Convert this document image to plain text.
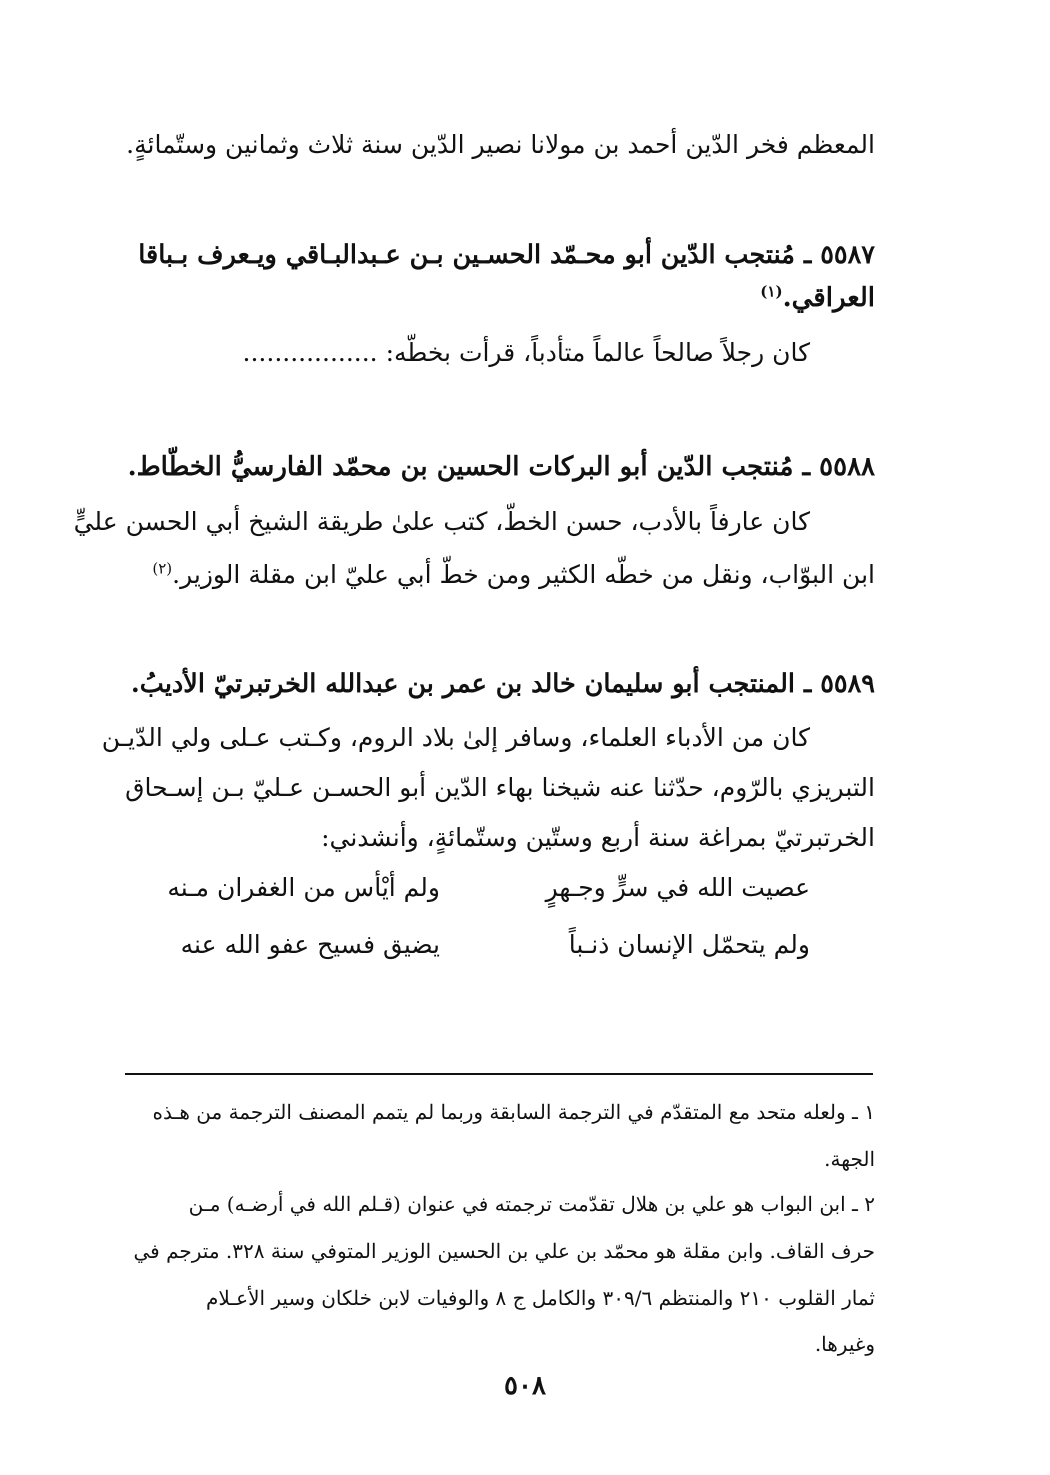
المعظم فخر الدّين أحمد بن مولانا نصير الدّين سنة ثلاث وثمانين وستّمائةٍ.
٥٥٨٧ ـ مُنتجب الدّين أبو محـمّد الحسـين بـن عـبدالبـاقي ويـعرف بـباقا
العراقي.$^{(١)}$
كان رجلاً صالحاً عالماً متأدباً، قرأت بخطّه: .................
٥٥٨٨ ـ مُنتجب الدّين أبو البركات الحسين بن محمّد الفارسيُّ الخطّاط.
كان عارفاً بالأدب، حسن الخطّ، كتب علىٰ طريقة الشيخ أبي الحسن عليٍّ
ابن البوّاب، ونقل من خطّه الكثير ومن خطّ أبي عليّ ابن مقلة الوزير.$^{(٢)}$
٥٥٨٩ ـ المنتجب أبو سليمان خالد بن عمر بن عبدالله الخرتبرتيّ الأديبُ.
كان من الأدباء العلماء، وسافر إلىٰ بلاد الروم، وكـتب عـلى ولي الدّيـن
التبريزي بالرّوم، حدّثنا عنه شيخنا بهاء الدّين أبو الحسـن عـليّ بـن إسـحاق
الخرتبرتيّ بمراغة سنة أربع وستّين وستّمائةٍ، وأنشدني:
عصيت الله في سرٍّ وجـهرٍ
ولم أيْأس من الغفران مـنه
ولم يتحمّل الإنسان ذنـباً
يضيق فسيح عفو الله عنه
١ ـ ولعله متحد مع المتقدّم في الترجمة السابقة وربما لم يتمم المصنف الترجمة من هـذه
الجهة.
٢ ـ ابن البواب هو علي بن هلال تقدّمت ترجمته في عنوان (قـلم الله في أرضـه) مـن
حرف القاف. وابن مقلة هو محمّد بن علي بن الحسين الوزير المتوفي سنة ٣٢٨. مترجم في
ثمار القلوب ٢١٠ والمنتظم ٣٠٩/٦ والكامل ج ٨ والوفيات لابن خلكان وسير الأعـلام
وغيرها.
٥٠٨
